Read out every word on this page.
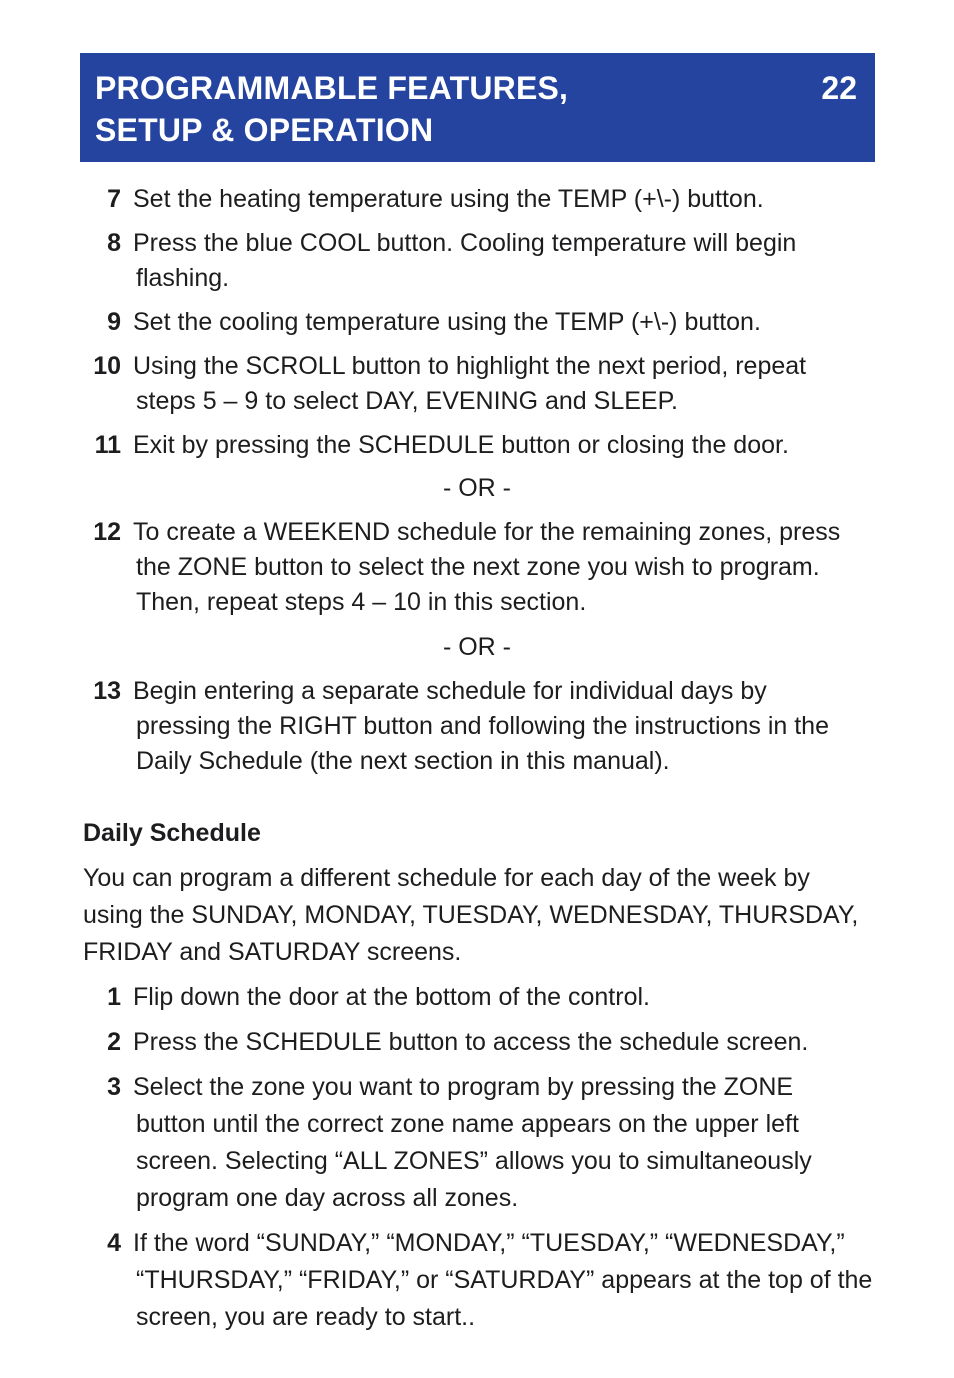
PROGRAMMABLE FEATURES,
SETUP & OPERATION
22
7 Set the heating temperature using the TEMP (+\-) button.
8 Press the blue COOL button. Cooling temperature will begin
flashing.
9 Set the cooling temperature using the TEMP (+\-) button.
10 Using the SCROLL button to highlight the next period, repeat
steps 5 – 9 to select DAY, EVENING and SLEEP.
11 Exit by pressing the SCHEDULE button or closing the door.
- OR -
12 To create a WEEKEND schedule for the remaining zones, press
the ZONE button to select the next zone you wish to program.
Then, repeat steps 4 – 10 in this section.
- OR -
13 Begin entering a separate schedule for individual days by
pressing the RIGHT button and following the instructions in the
Daily Schedule (the next section in this manual).
Daily Schedule
You can program a different schedule for each day of the week by
using the SUNDAY, MONDAY, TUESDAY, WEDNESDAY, THURSDAY,
FRIDAY and SATURDAY screens.
1 Flip down the door at the bottom of the control.
2 Press the SCHEDULE button to access the schedule screen.
3 Select the zone you want to program by pressing the ZONE
button until the correct zone name appears on the upper left
screen. Selecting “ALL ZONES” allows you to simultaneously
program one day across all zones.
4 If the word “SUNDAY,” “MONDAY,” “TUESDAY,” “WEDNESDAY,”
“THURSDAY,” “FRIDAY,” or “SATURDAY” appears at the top of the
screen, you are ready to start..
